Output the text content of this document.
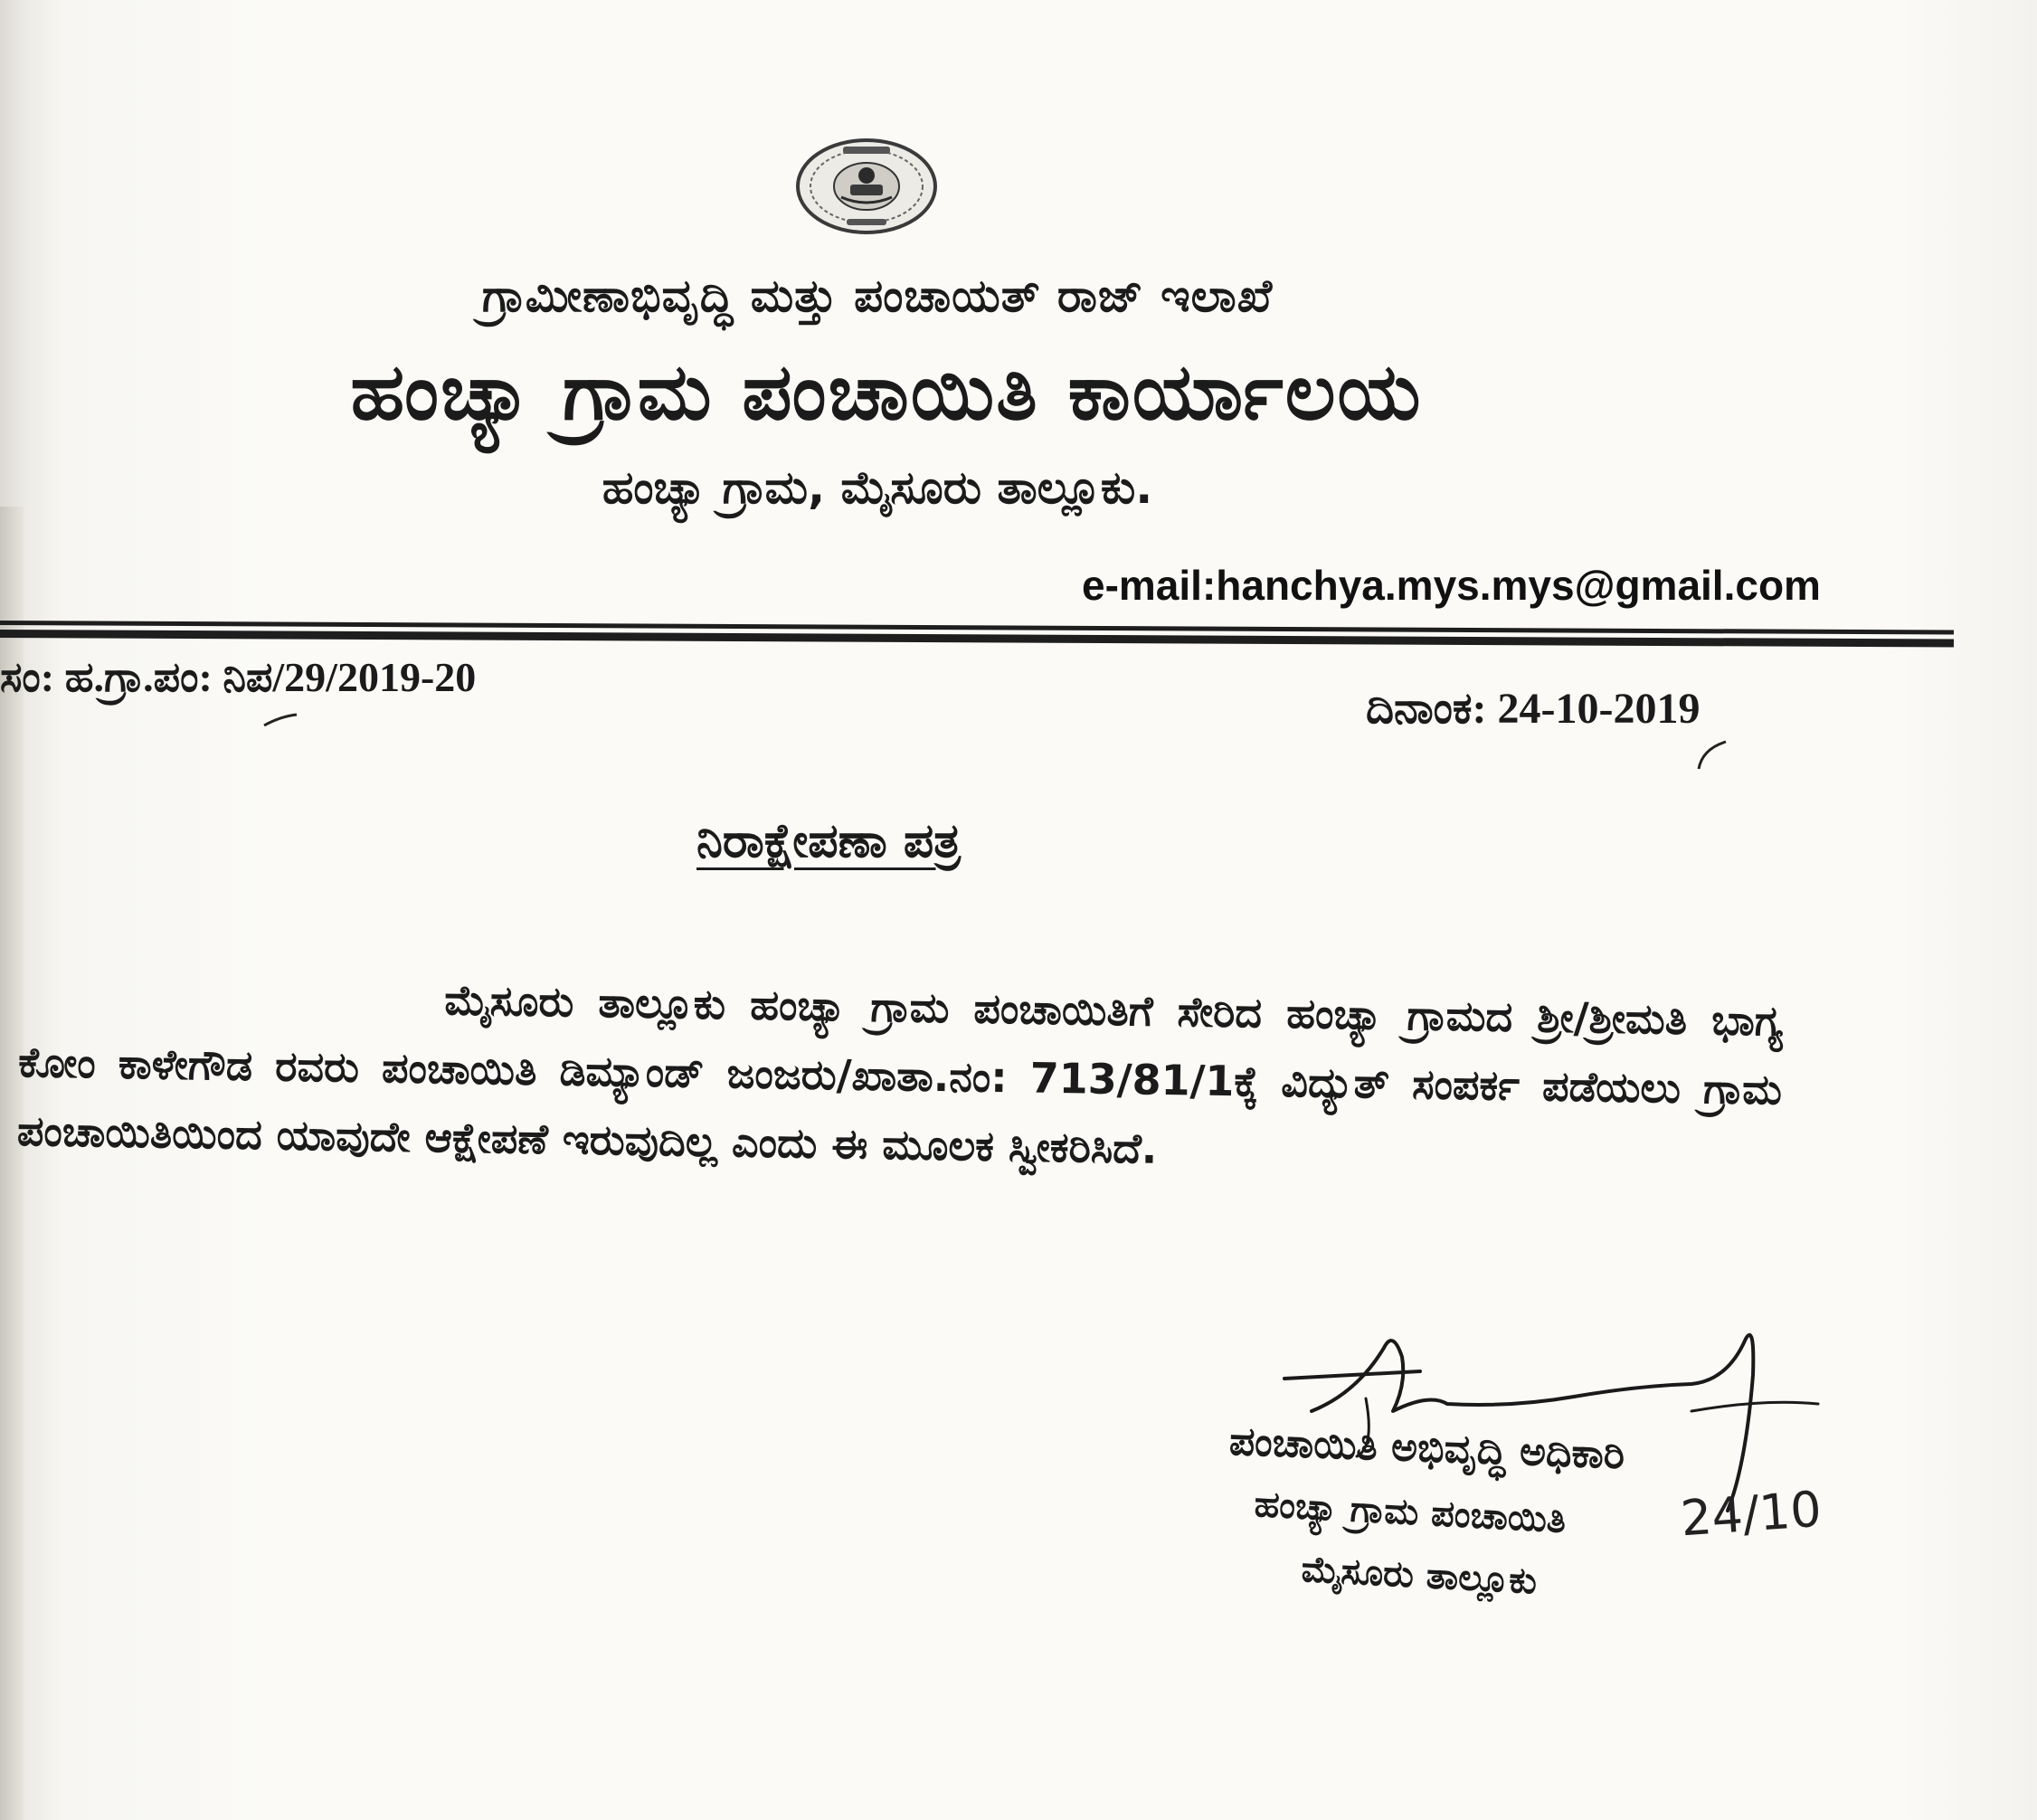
ಗ್ರಾಮೀಣಾಭಿವೃದ್ಧಿ ಮತ್ತು ಪಂಚಾಯತ್ ರಾಜ್ ಇಲಾಖೆ
ಹಂಚ್ಯಾ ಗ್ರಾಮ ಪಂಚಾಯಿತಿ ಕಾರ್ಯಾಲಯ
ಹಂಚ್ಯಾ ಗ್ರಾಮ, ಮೈಸೂರು ತಾಲ್ಲೂಕು.
e-mail:hanchya.mys.mys@gmail.com
ಸಂ: ಹ.ಗ್ರಾ.ಪಂ: ನಿಪ/29/2019-20
ದಿನಾಂಕ: 24-10-2019
ನಿರಾಕ್ಷೇಪಣಾ ಪತ್ರ
ಮೈಸೂರು ತಾಲ್ಲೂಕು ಹಂಚ್ಯಾ ಗ್ರಾಮ ಪಂಚಾಯಿತಿಗೆ ಸೇರಿದ ಹಂಚ್ಯಾ ಗ್ರಾಮದ ಶ್ರೀ/ಶ್ರೀಮತಿ ಭಾಗ್ಯ ಕೋಂ ಕಾಳೇಗೌಡ ರವರು ಪಂಚಾಯಿತಿ ಡಿಮ್ಯಾಂಡ್ ಜಂಜರು/ಖಾತಾ.ನಂ: 713/81/1ಕ್ಕೆ ವಿದ್ಯುತ್ ಸಂಪರ್ಕ ಪಡೆಯಲು ಗ್ರಾಮ ಪಂಚಾಯಿತಿಯಿಂದ ಯಾವುದೇ ಆಕ್ಷೇಪಣೆ ಇರುವುದಿಲ್ಲ ಎಂದು ಈ ಮೂಲಕ ಸ್ವೀಕರಿಸಿದೆ.
ಪಂಚಾಯಿತಿ ಅಭಿವೃದ್ಧಿ ಅಧಿಕಾರಿ
ಹಂಚ್ಯಾ ಗ್ರಾಮ ಪಂಚಾಯಿತಿ
ಮೈಸೂರು ತಾಲ್ಲೂಕು
24/10
